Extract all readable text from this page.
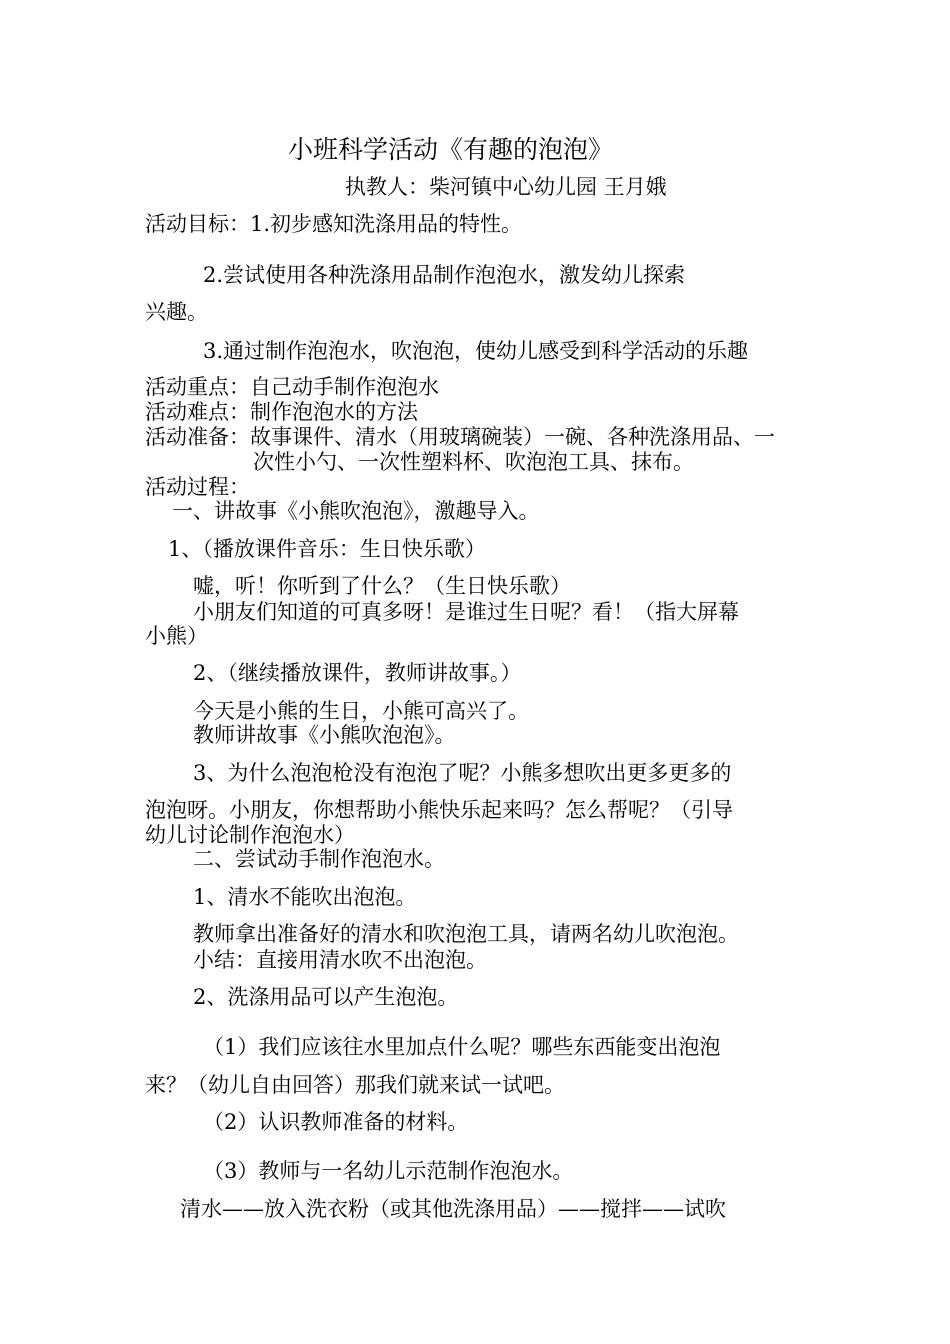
小班科学活动《有趣的泡泡》
执教人：柴河镇中心幼儿园 王月娥
活动目标：1.初步感知洗涤用品的特性。
2.尝试使用各种洗涤用品制作泡泡水，激发幼儿探索
兴趣。
3.通过制作泡泡水，吹泡泡，使幼儿感受到科学活动的乐趣
活动重点：自己动手制作泡泡水
活动难点：制作泡泡水的方法
活动准备：故事课件、清水（用玻璃碗装）一碗、各种洗涤用品、一
次性小勺、一次性塑料杯、吹泡泡工具、抹布。
活动过程：
一、讲故事《小熊吹泡泡》，激趣导入。
1、（播放课件音乐：生日快乐歌）
嘘，听！你听到了什么？（生日快乐歌）
小朋友们知道的可真多呀！是谁过生日呢？看！（指大屏幕
小熊）
2、（继续播放课件，教师讲故事。）
今天是小熊的生日，小熊可高兴了。
教师讲故事《小熊吹泡泡》。
3、为什么泡泡枪没有泡泡了呢？小熊多想吹出更多更多的
泡泡呀。小朋友，你想帮助小熊快乐起来吗？怎么帮呢？（引导
幼儿讨论制作泡泡水）
二、尝试动手制作泡泡水。
1、清水不能吹出泡泡。
教师拿出准备好的清水和吹泡泡工具，请两名幼儿吹泡泡。
小结：直接用清水吹不出泡泡。
2、洗涤用品可以产生泡泡。
（1）我们应该往水里加点什么呢？哪些东西能变出泡泡
来？（幼儿自由回答）那我们就来试一试吧。
（2）认识教师准备的材料。
（3）教师与一名幼儿示范制作泡泡水。
清水——放入洗衣粉（或其他洗涤用品）——搅拌——试吹
